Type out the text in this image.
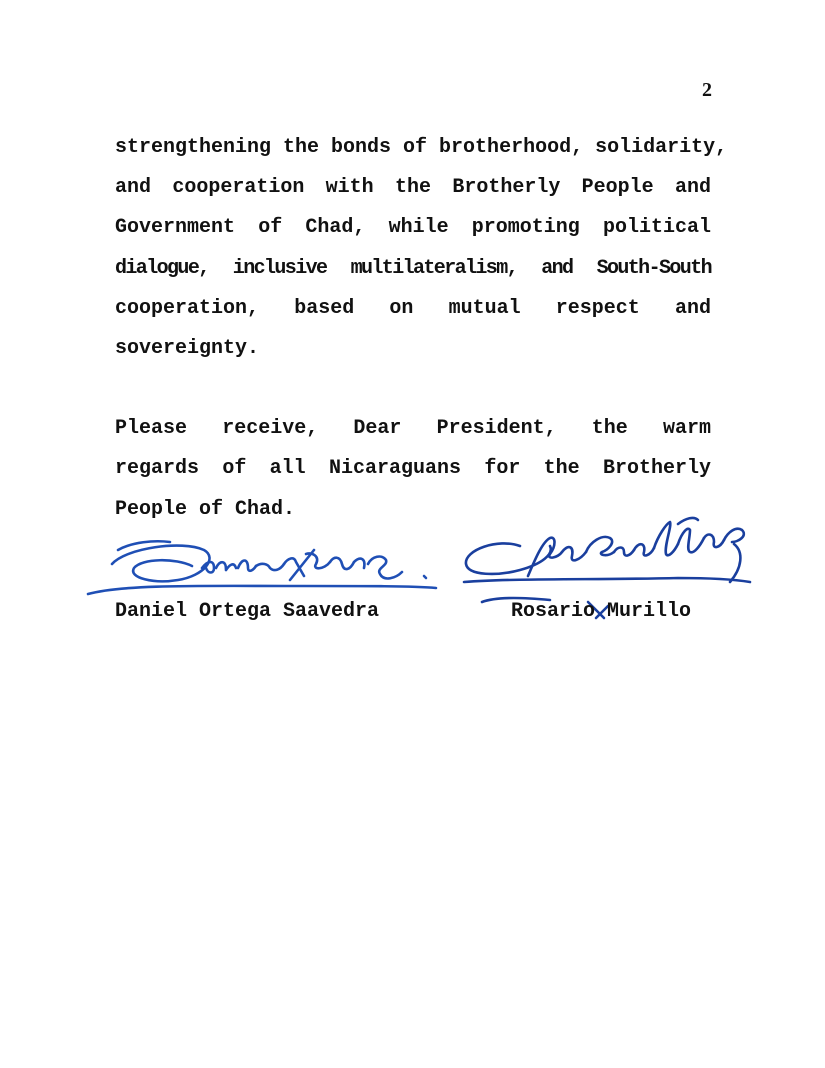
2

strengthening the bonds of brotherhood, solidarity,
and cooperation with the Brotherly People and
Government of Chad, while promoting political
dialogue, inclusive multilateralism, and South-South
cooperation, based on mutual respect and
sovereignty.

Please receive, Dear President, the warm
regards of all Nicaraguans for the Brotherly
People of Chad.

Daniel Ortega Saavedra	Rosario Murillo
